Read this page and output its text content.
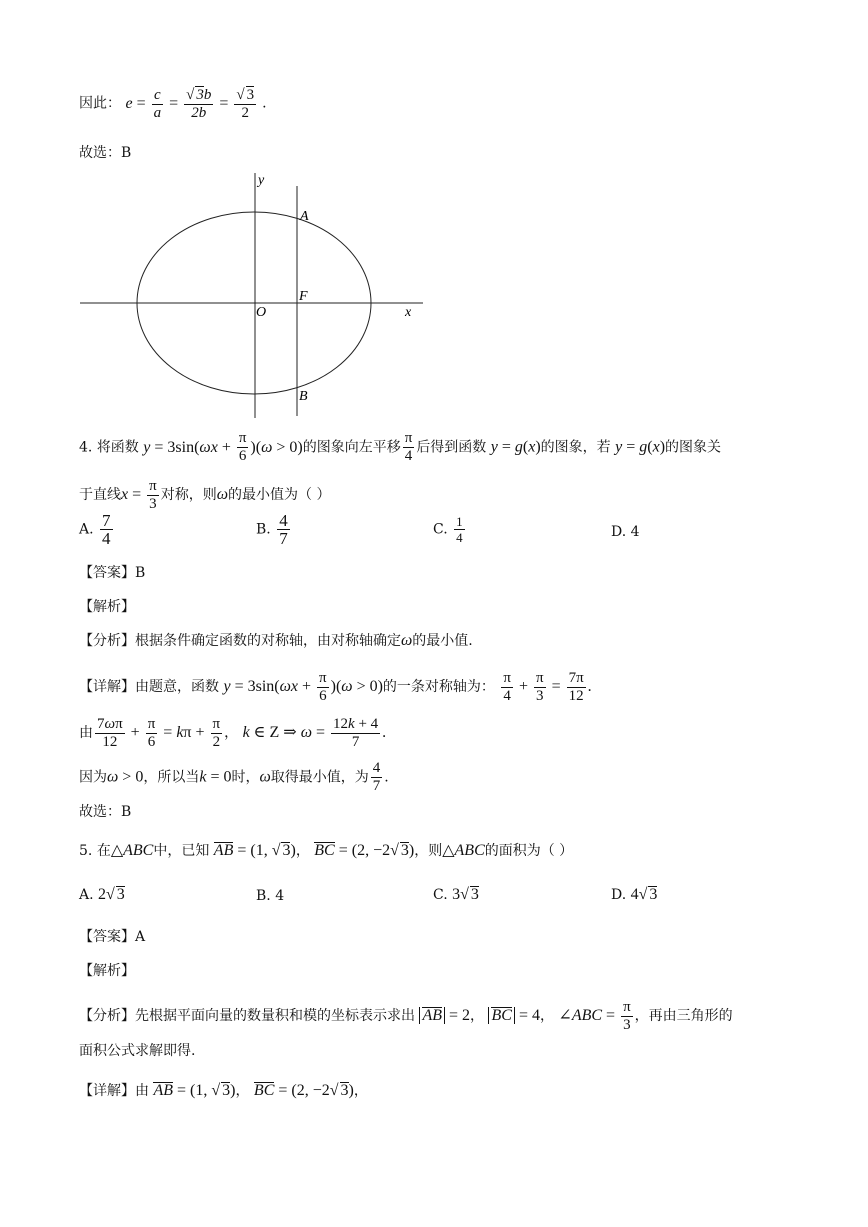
因此： $e = \frac{c}{a}$ = √ $\frac{3b}{2b}$ = √ $\frac{3}{2}$ .
故选：B
y
x
O
A
F
B
4. 将函数 $y = 3\sin(\omega x + \frac{\pi}{6} )(\omega > 0)$的图象向左平移 $\frac{\pi}{4}$ 后得到函数 y = g(x)的图象，若 y = g(x)的图象关
于直线$x = \frac{\pi}{3}$ 对称，则ω的最小值为（ ）
A. $\frac{7}{4}$	B. $\frac{4}{7}$	C. $\frac{1}{4}$	D. 4
【答案】B
【解析】
【分析】根据条件确定函数的对称轴，由对称轴确定ω的最小值.
【详解】由题意，函数 $y = 3\sin(\omega x + \frac{\pi}{6} )(\omega > 0)$的一条对称轴为： $\frac{\pi}{4} + \frac{\pi}{3} = \frac{7\pi}{12}$ .
由 $\frac{7\omega\pi}{12} + \frac{\pi}{6} = k\pi + \frac{\pi}{2}$ ， k ∈ Z ⇒ $\omega = \frac{12k + 4}{7}$ .
因为ω > 0，所以当k = 0时，ω取得最小值，为 $\frac{4}{7}$ .
故选：B
5. 在△ABC中，已知 AB = (1, √ 3)， BC = (2, −2 √ 3)，则△ABC的面积为（ ）
A. 2 √ 3	B. 4	C. 3 √ 3	D. 4 √ 3
【答案】A
【解析】
【分析】先根据平面向量的数量积和模的坐标表示求出 AB = 2， BC = 4， ∠ABC = $\frac{\pi}{3}$ ，再由三角形的
面积公式求解即得.
【详解】由 AB = (1, √ 3)， BC = (2, −2 √ 3)，
